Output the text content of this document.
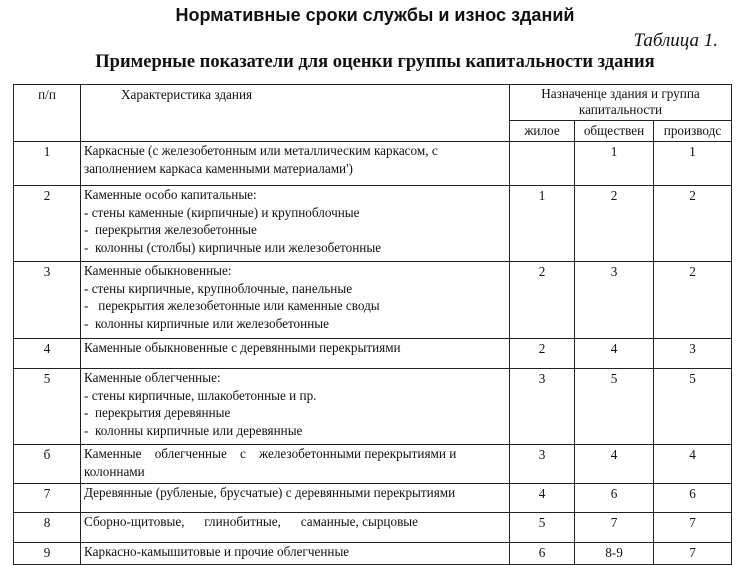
Нормативные сроки службы и износ зданий
Таблица 1.
Примерные показатели для оценки группы капитальности здания
п/п	Характеристика здания	Назначенце здания и группа
капитальности		

		жилое	обществен	производс
1	Каркасные (с железобетонным или металлическим каркасом, с
заполнением каркаса каменными материалами')		1	1
2	Каменные особо капитальные:
- стены каменные (кирпичные) и крупноблочные
-  перекрытия железобетонные
-  колонны (столбы) кирпичные или железобетонные	1	2	2
3	Каменные обыкновенные:
- стены кирпичные, крупноблочные, панельные
-   перекрытия железобетонные или каменные своды
-  колонны кирпичные или железобетонные	2	3	2
4	Каменные обыкновенные с деревянными перекрытиями	2	4	3
5	Каменные облегченные:
- стены кирпичные, шлакобетонные и пр.
-  перекрытия деревянные
-  колонны кирпичные или деревянные	3	5	5
б	Каменные    облегченные    с    железобетонными перекрытиями и
колоннами	3	4	4
7	Деревянные (рубленые, брусчатые) с деревянными перекрытиями	4	6	6
8	Сборно-щитовые,      глинобитные,      саманные, сырцовые	5	7	7
9	Каркасно-камышитовые и прочие облегченные	6	8-9	7
